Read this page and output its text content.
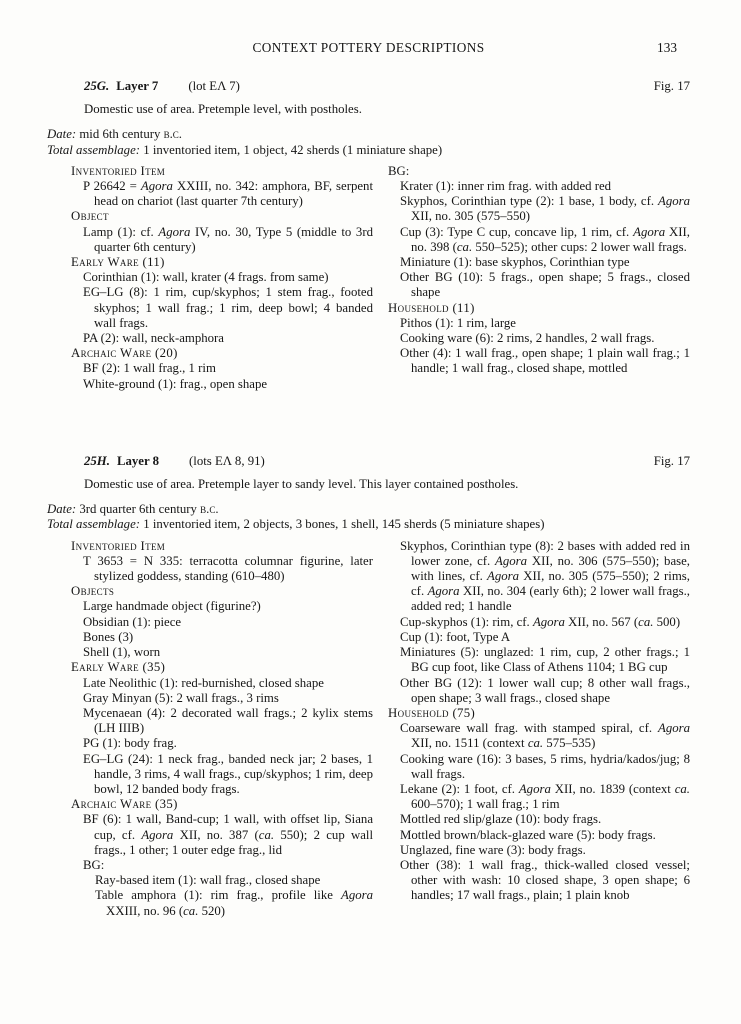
CONTEXT POTTERY DESCRIPTIONS	133
25G. Layer 7 (lot EΛ 7)	Fig. 17

Domestic use of area. Pretemple level, with postholes.

Date: mid 6th century b.c.
Total assemblage: 1 inventoried item, 1 object, 42 sherds (1 miniature shape)
Inventoried Item
P 26642 = Agora XXIII, no. 342: amphora, BF, serpent head on chariot (last quarter 7th century)
Object
Lamp (1): cf. Agora IV, no. 30, Type 5 (middle to 3rd quarter 6th century)
Early Ware (11)
Corinthian (1): wall, krater (4 frags. from same)
EG–LG (8): 1 rim, cup/skyphos; 1 stem frag., footed skyphos; 1 wall frag.; 1 rim, deep bowl; 4 banded wall frags.
PA (2): wall, neck-amphora
Archaic Ware (20)
BF (2): 1 wall frag., 1 rim
White-ground (1): frag., open shape
BG:
Krater (1): inner rim frag. with added red
Skyphos, Corinthian type (2): 1 base, 1 body, cf. Agora XII, no. 305 (575–550)
Cup (3): Type C cup, concave lip, 1 rim, cf. Agora XII, no. 398 (ca. 550–525); other cups: 2 lower wall frags.
Miniature (1): base skyphos, Corinthian type
Other BG (10): 5 frags., open shape; 5 frags., closed shape
Household (11)
Pithos (1): 1 rim, large
Cooking ware (6): 2 rims, 2 handles, 2 wall frags.
Other (4): 1 wall frag., open shape; 1 plain wall frag.; 1 handle; 1 wall frag., closed shape, mottled
25H. Layer 8 (lots EΛ 8, 91)	Fig. 17

Domestic use of area. Pretemple layer to sandy level. This layer contained postholes.

Date: 3rd quarter 6th century b.c.
Total assemblage: 1 inventoried item, 2 objects, 3 bones, 1 shell, 145 sherds (5 miniature shapes)
Inventoried Item
T 3653 = N 335: terracotta columnar figurine, later stylized goddess, standing (610–480)
Objects
Large handmade object (figurine?)
Obsidian (1): piece
Bones (3)
Shell (1), worn
Early Ware (35)
Late Neolithic (1): red-burnished, closed shape
Gray Minyan (5): 2 wall frags., 3 rims
Mycenaean (4): 2 decorated wall frags.; 2 kylix stems (LH IIIB)
PG (1): body frag.
EG–LG (24): 1 neck frag., banded neck jar; 2 bases, 1 handle, 3 rims, 4 wall frags., cup/skyphos; 1 rim, deep bowl, 12 banded body frags.
Archaic Ware (35)
BF (6): 1 wall, Band-cup; 1 wall, with offset lip, Siana cup, cf. Agora XII, no. 387 (ca. 550); 2 cup wall frags., 1 other; 1 outer edge frag., lid
BG:
Ray-based item (1): wall frag., closed shape
Table amphora (1): rim frag., profile like Agora XXIII, no. 96 (ca. 520)
Skyphos, Corinthian type (8): 2 bases with added red in lower zone, cf. Agora XII, no. 306 (575–550); base, with lines, cf. Agora XII, no. 305 (575–550); 2 rims, cf. Agora XII, no. 304 (early 6th); 2 lower wall frags., added red; 1 handle
Cup-skyphos (1): rim, cf. Agora XII, no. 567 (ca. 500)
Cup (1): foot, Type A
Miniatures (5): unglazed: 1 rim, cup, 2 other frags.; 1 BG cup foot, like Class of Athens 1104; 1 BG cup
Other BG (12): 1 lower wall cup; 8 other wall frags., open shape; 3 wall frags., closed shape
Household (75)
Coarseware wall frag. with stamped spiral, cf. Agora XII, no. 1511 (context ca. 575–535)
Cooking ware (16): 3 bases, 5 rims, hydria/kados/jug; 8 wall frags.
Lekane (2): 1 foot, cf. Agora XII, no. 1839 (context ca. 600–570); 1 wall frag.; 1 rim
Mottled red slip/glaze (10): body frags.
Mottled brown/black-glazed ware (5): body frags.
Unglazed, fine ware (3): body frags.
Other (38): 1 wall frag., thick-walled closed vessel; other with wash: 10 closed shape, 3 open shape; 6 handles; 17 wall frags., plain; 1 plain knob
